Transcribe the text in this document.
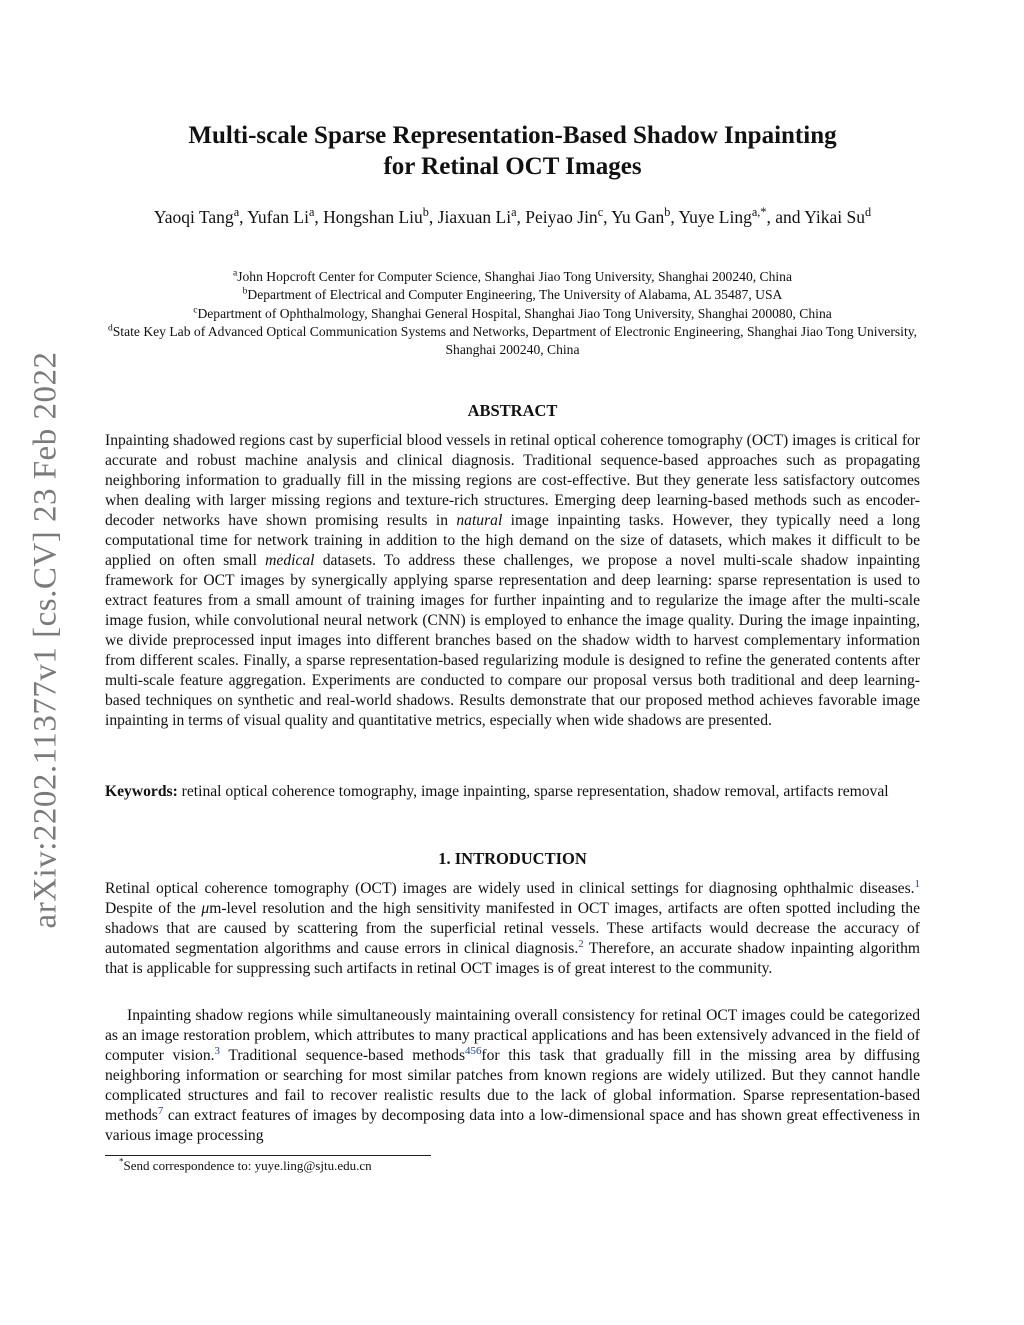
arXiv:2202.11377v1 [cs.CV] 23 Feb 2022
Multi-scale Sparse Representation-Based Shadow Inpainting
for Retinal OCT Images
Yaoqi Tang$^a$, Yufan Li$^a$, Hongshan Liu$^b$, Jiaxuan Li$^a$, Peiyao Jin$^c$, Yu Gan$^b$, Yuye Ling$^{a,*}$, and Yikai Su$^d$
$^a$John Hopcroft Center for Computer Science, Shanghai Jiao Tong University, Shanghai 200240, China
$^b$Department of Electrical and Computer Engineering, The University of Alabama, AL 35487, USA
$^c$Department of Ophthalmology, Shanghai General Hospital, Shanghai Jiao Tong University, Shanghai 200080, China
$^d$State Key Lab of Advanced Optical Communication Systems and Networks, Department of Electronic Engineering, Shanghai Jiao Tong University, Shanghai 200240, China
ABSTRACT
Inpainting shadowed regions cast by superficial blood vessels in retinal optical coherence tomography (OCT) images is critical for accurate and robust machine analysis and clinical diagnosis. Traditional sequence-based approaches such as propagating neighboring information to gradually fill in the missing regions are cost-effective. But they generate less satisfactory outcomes when dealing with larger missing regions and texture-rich structures. Emerging deep learning-based methods such as encoder-decoder networks have shown promising results in natural image inpainting tasks. However, they typically need a long computational time for network training in addition to the high demand on the size of datasets, which makes it difficult to be applied on often small medical datasets. To address these challenges, we propose a novel multi-scale shadow inpainting framework for OCT images by synergically applying sparse representation and deep learning: sparse representation is used to extract features from a small amount of training images for further inpainting and to regularize the image after the multi-scale image fusion, while convolutional neural network (CNN) is employed to enhance the image quality. During the image inpainting, we divide preprocessed input images into different branches based on the shadow width to harvest complementary information from different scales. Finally, a sparse representation-based regularizing module is designed to refine the generated contents after multi-scale feature aggregation. Experiments are conducted to compare our proposal versus both traditional and deep learning-based techniques on synthetic and real-world shadows. Results demonstrate that our proposed method achieves favorable image inpainting in terms of visual quality and quantitative metrics, especially when wide shadows are presented.
Keywords: retinal optical coherence tomography, image inpainting, sparse representation, shadow removal, artifacts removal
1. INTRODUCTION
Retinal optical coherence tomography (OCT) images are widely used in clinical settings for diagnosing ophthalmic diseases.$^1$ Despite of the μm-level resolution and the high sensitivity manifested in OCT images, artifacts are often spotted including the shadows that are caused by scattering from the superficial retinal vessels. These artifacts would decrease the accuracy of automated segmentation algorithms and cause errors in clinical diagnosis.$^2$ Therefore, an accurate shadow inpainting algorithm that is applicable for suppressing such artifacts in retinal OCT images is of great interest to the community.
Inpainting shadow regions while simultaneously maintaining overall consistency for retinal OCT images could be categorized as an image restoration problem, which attributes to many practical applications and has been extensively advanced in the field of computer vision.$^3$ Traditional sequence-based methods$^{456}$for this task that gradually fill in the missing area by diffusing neighboring information or searching for most similar patches from known regions are widely utilized. But they cannot handle complicated structures and fail to recover realistic results due to the lack of global information. Sparse representation-based methods$^7$ can extract features of images by decomposing data into a low-dimensional space and has shown great effectiveness in various image processing
*Send correspondence to: yuye.ling@sjtu.edu.cn
